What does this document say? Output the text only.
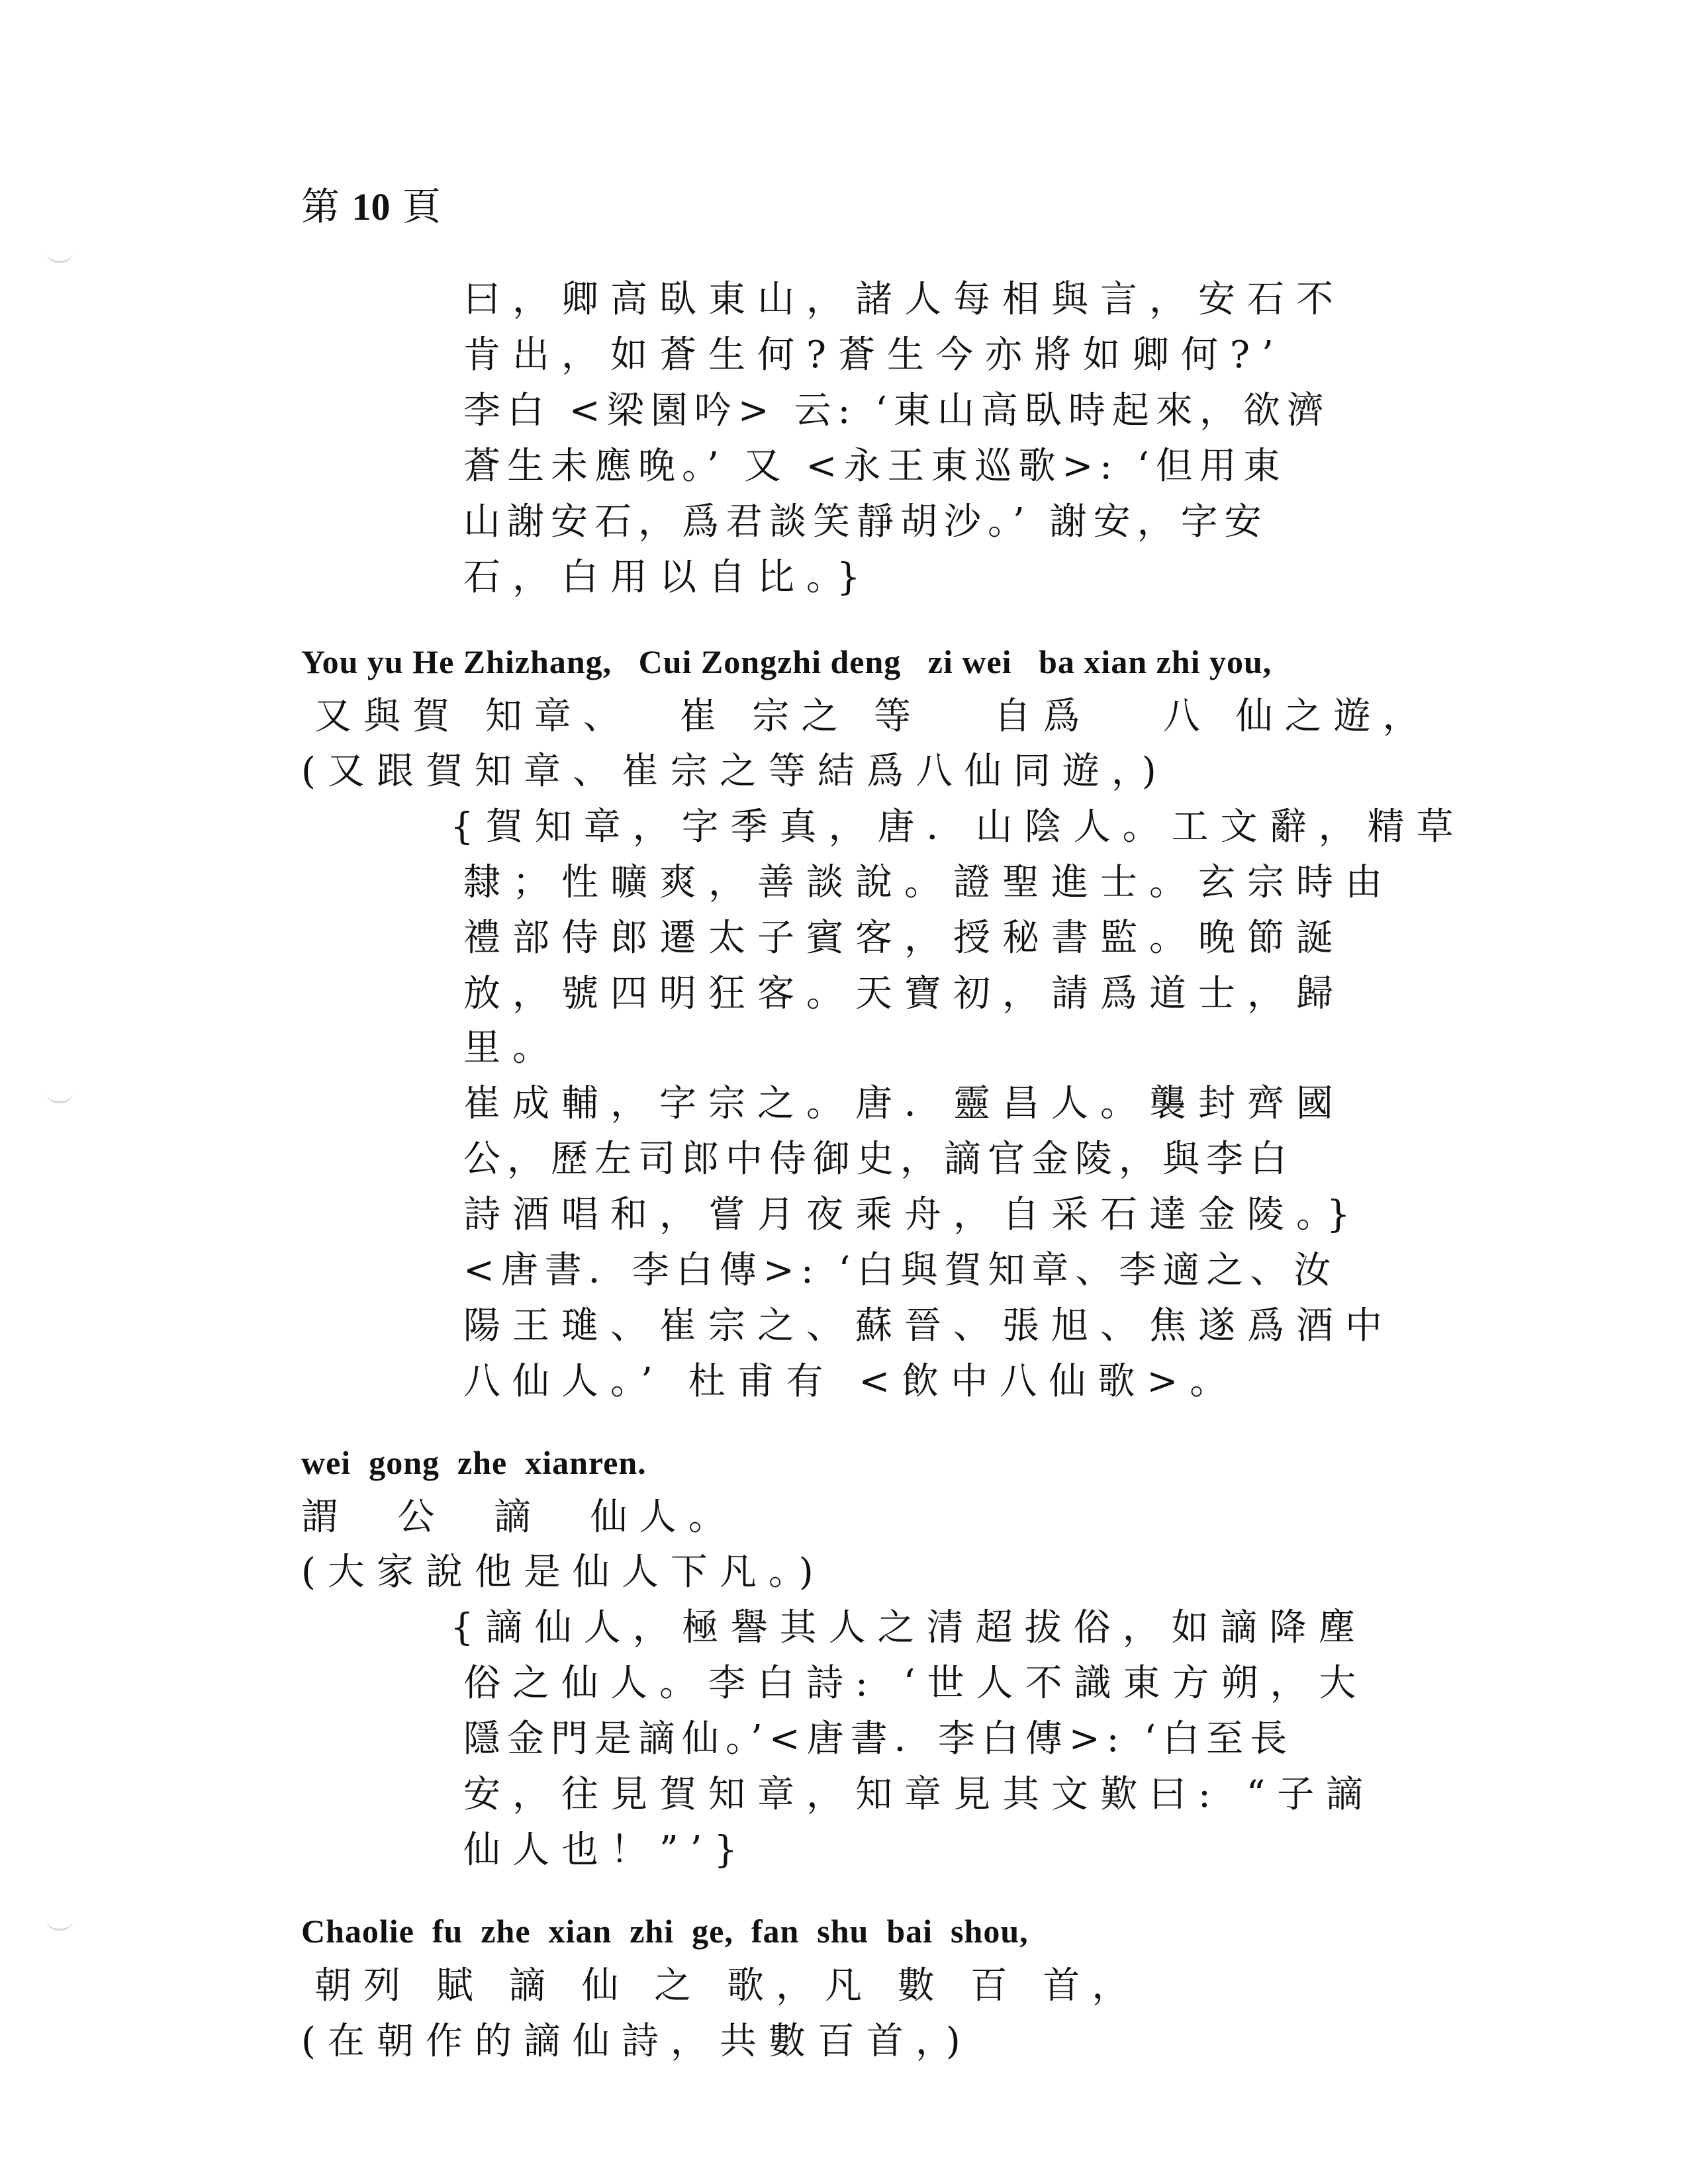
第 10 頁
曰，卿高臥東山，諸人每相與言，安石不
肯出，如蒼生何?蒼生今亦將如卿何?’
李白 <梁園吟> 云: ‘東山高臥時起來，欲濟
蒼生未應晚。’ 又 <永王東巡歌>: ‘但用東
山謝安石，爲君談笑靜胡沙。’ 謝安，字安
石，白用以自比。}
You yu He Zhizhang,   Cui Zongzhi deng   zi wei   ba xian zhi you,
又與賀 知章、  崔 宗之 等   自爲   八 仙之遊，
(又跟賀知章、崔宗之等結爲八仙同遊，)
{賀知章，字季真，唐．山陰人。工文辭，精草
隸；性曠爽，善談說。證聖進士。玄宗時由
禮部侍郎遷太子賓客，授秘書監。晚節誕
放，號四明狂客。天寶初，請爲道士，歸
里。
崔成輔，字宗之。唐．靈昌人。襲封齊國
公，歷左司郎中侍御史，謫官金陵，與李白
詩酒唱和，嘗月夜乘舟，自采石達金陵。}
<唐書．李白傳>: ‘白與賀知章、李適之、汝
陽王璡、崔宗之、蘇晉、張旭、焦遂爲酒中
八仙人。’ 杜甫有 <飲中八仙歌>。
wei  gong  zhe  xianren.
謂  公  謫  仙人。
(大家說他是仙人下凡。)
{謫仙人，極譽其人之清超拔俗，如謫降塵
俗之仙人。李白詩: ‘世人不識東方朔，大
隱金門是謫仙。’<唐書．李白傳>: ‘白至長
安，往見賀知章，知章見其文歎曰: “子謫
仙人也！”’}
Chaolie  fu  zhe  xian  zhi  ge,  fan  shu  bai  shou,
朝列 賦 謫 仙 之 歌，凡 數 百 首，
(在朝作的謫仙詩，共數百首，)
